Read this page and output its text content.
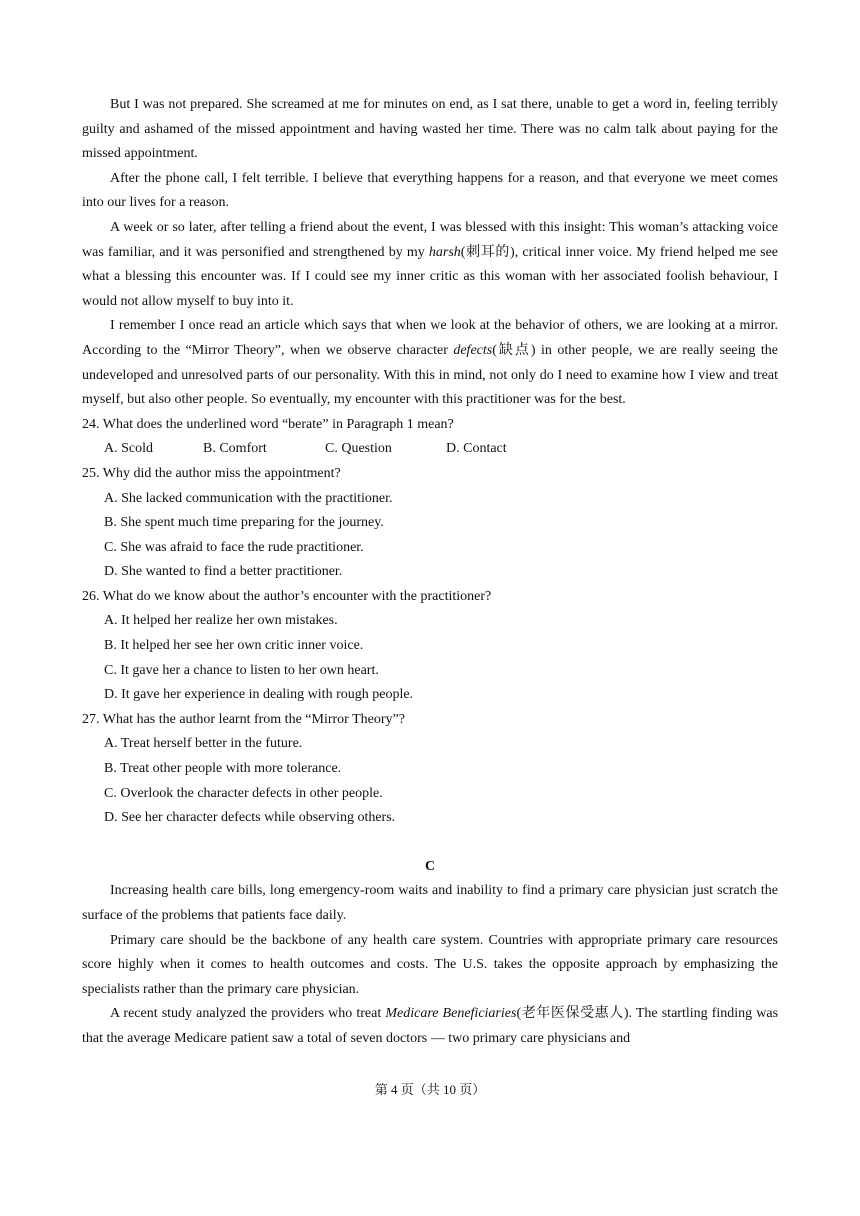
But I was not prepared. She screamed at me for minutes on end, as I sat there, unable to get a word in, feeling terribly guilty and ashamed of the missed appointment and having wasted her time. There was no calm talk about paying for the missed appointment.

After the phone call, I felt terrible. I believe that everything happens for a reason, and that everyone we meet comes into our lives for a reason.

A week or so later, after telling a friend about the event, I was blessed with this insight: This woman’s attacking voice was familiar, and it was personified and strengthened by my harsh(刺耳的), critical inner voice. My friend helped me see what a blessing this encounter was. If I could see my inner critic as this woman with her associated foolish behaviour, I would not allow myself to buy into it.

I remember I once read an article which says that when we look at the behavior of others, we are looking at a mirror. According to the “Mirror Theory”, when we observe character defects(缺点) in other people, we are really seeing the undeveloped and unresolved parts of our personality. With this in mind, not only do I need to examine how I view and treat myself, but also other people. So eventually, my encounter with this practitioner was for the best.

24. What does the underlined word “berate” in Paragraph 1 mean?

A. Scold	B. Comfort	C. Question	D. Contact

25. Why did the author miss the appointment?

A. She lacked communication with the practitioner.

B. She spent much time preparing for the journey.

C. She was afraid to face the rude practitioner.

D. She wanted to find a better practitioner.

26. What do we know about the author’s encounter with the practitioner?

A. It helped her realize her own mistakes.

B. It helped her see her own critic inner voice.

C. It gave her a chance to listen to her own heart.

D. It gave her experience in dealing with rough people.

27. What has the author learnt from the “Mirror Theory”?

A. Treat herself better in the future.

B. Treat other people with more tolerance.

C. Overlook the character defects in other people.

D. See her character defects while observing others.

C

Increasing health care bills, long emergency-room waits and inability to find a primary care physician just scratch the surface of the problems that patients face daily.

Primary care should be the backbone of any health care system. Countries with appropriate primary care resources score highly when it comes to health outcomes and costs. The U.S. takes the opposite approach by emphasizing the specialists rather than the primary care physician.

A recent study analyzed the providers who treat Medicare Beneficiaries(老年医保受惠人). The startling finding was that the average Medicare patient saw a total of seven doctors — two primary care physicians and

第 4 页（共 10 页）
